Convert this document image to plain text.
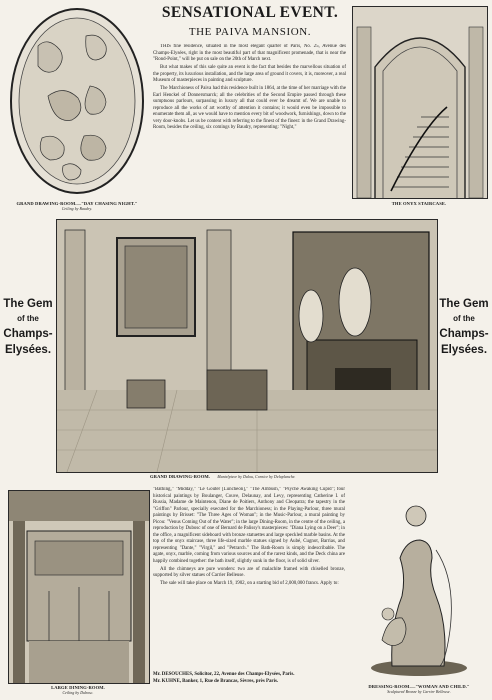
SENSATIONAL EVENT.
THE PAIVA MANSION.
GRAND DRAWING-ROOM.—"DAY CHASING NIGHT."
Ceiling by Baudry.
THE ONYX STAIRCASE.

THIS fine residence, situated in the most elegant quarter of Paris, No. 25, Avenue des Champs-Elysées, right in the most beautiful part of that magnificent promenade, that is near the "Rond-Point," will be put on sale on the 20th of March next.

But what makes of this sale quite an event is the fact that besides the marvellous situation of the property, its luxurious installation, and the large area of ground it covers, it is, moreover, a real Museum of masterpieces in painting and sculpture.

The Marchioness of Paiva had this residence built in 1864, at the time of her marriage with the Earl Henckel of Donnersmarck; all the celebrities of the Second Empire passed through these sumptuous parlours, surpassing in luxury all that could ever be dreamt of. We are unable to reproduce all the works of art worthy of attention it contains; it would even be impossible to enumerate them all, as we would have to mention every bit of woodwork, furnishings, down to the very door-knobs. Let us be content with referring to the finest of the finest: in the Grand Drawing-Room, besides the ceiling, six comings by Baudry, representing: "Night,"

The Gem
of the
Champs-
Elysées.
The Gem
of the
Champs-
Elysées.
GRAND DRAWING-ROOM. Mantelpiece by Dalou, Cornice by Delaplanche.
LARGE DINING-ROOM.
Ceiling by Dubosc.

"Bathing," "Midday," "Le Goûter [Luncheon]," "The Ambush," "Psyche Awaking Cupid"; four historical paintings by Boulanger, Couve, Delaunay, and Levy, representing Catherine I. of Russia, Madame de Maintenon, Diane de Poitiers, Anthony and Cleopatra; the tapestry in the "Griffon" Parlour, specially executed for the Marchioness; in the Playing-Parlour, three mural paintings by Brisset: "The Three Ages of Woman"; in the Music-Parlour, a mural painting by Picou: "Venus Coming Out of the Water"; in the large Dining-Room, in the centre of the ceiling, a reproduction by Dubosc of one of Bernard de Palissy's masterpieces: "Diana Lying on a Deer"; in the office, a magnificent sideboard with bronze statuettes and large speckled marble basins. At the top of the onyx staircase, three life-sized marble statues signed by Aubé, Cugnot, Barrias, and representing "Dante," "Virgil," and "Petrarch." The Bath-Room is simply indescribable. The agate, onyx, marble, coming from various sources and of the rarest kinds, and the Deck china are happily combined together: the bath itself, slightly sunk in the floor, is of solid silver.

All the chimneys are pure wonders: two are of malachite framed with chiselled bronze, supported by silver statues of Carrier Belleuse.

The sale will take place on March 19, 1902, on a starting bid of 2,000,000 francs. Apply to:

Mr. DESOUCHES, Solicitor, 22, Avenue des Champs-Elysées, Paris.
Mr. KUHNE, Banker, 1, Rue de Brancas, Sèvres, près Paris.
DRESSING-ROOM.—"WOMAN AND CHILD."
Sculptured Bronze by Carrier Belleuse.
